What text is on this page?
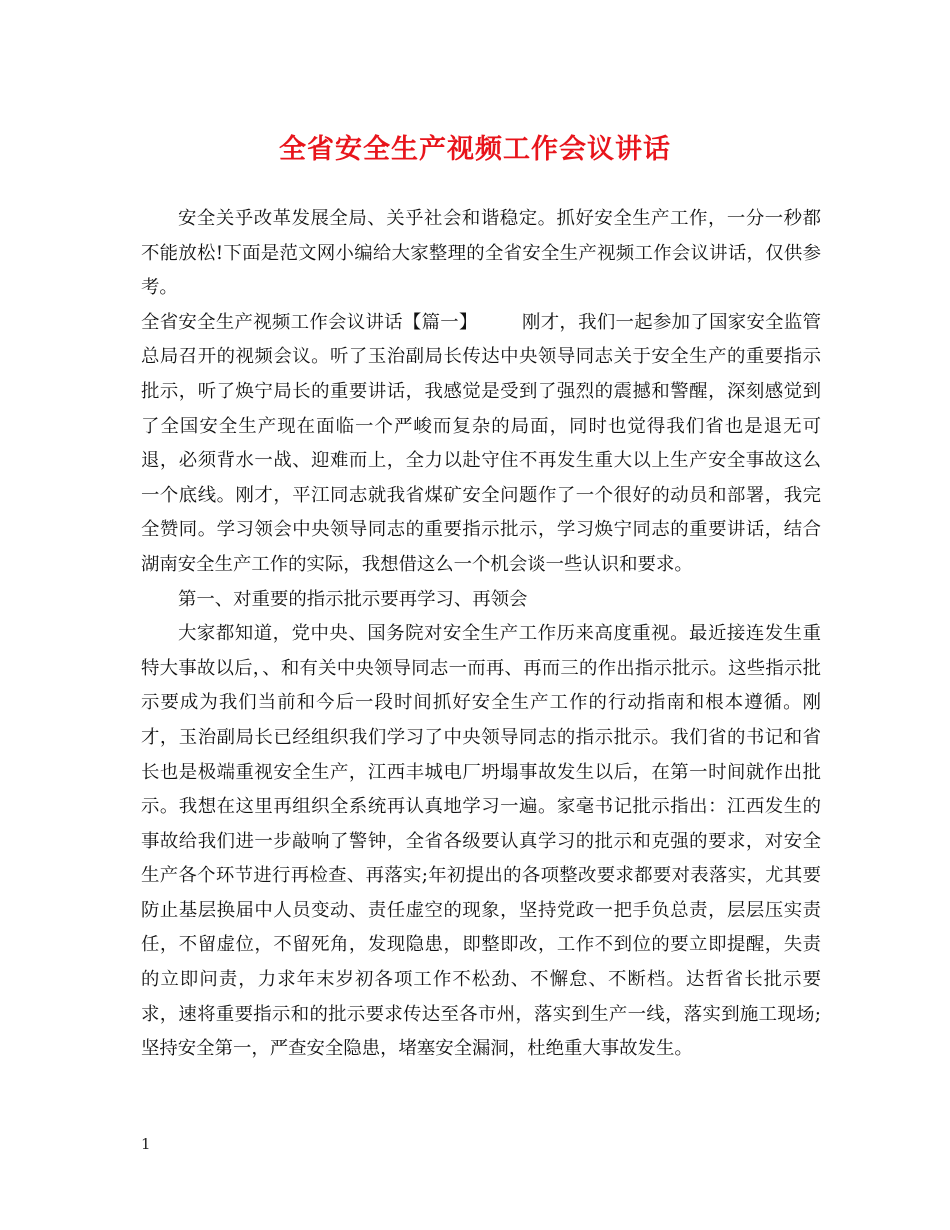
全省安全生产视频工作会议讲话

安全关乎改革发展全局、关乎社会和谐稳定。抓好安全生产工作，一分一秒都不能放松!下面是范文网小编给大家整理的全省安全生产视频工作会议讲话，仅供参考。

全省安全生产视频工作会议讲话【篇一】 刚才，我们一起参加了国家安全监管总局召开的视频会议。听了玉治副局长传达中央领导同志关于安全生产的重要指示批示，听了焕宁局长的重要讲话，我感觉是受到了强烈的震撼和警醒，深刻感觉到了全国安全生产现在面临一个严峻而复杂的局面，同时也觉得我们省也是退无可退，必须背水一战、迎难而上，全力以赴守住不再发生重大以上生产安全事故这么一个底线。刚才，平江同志就我省煤矿安全问题作了一个很好的动员和部署，我完全赞同。学习领会中央领导同志的重要指示批示，学习焕宁同志的重要讲话，结合湖南安全生产工作的实际，我想借这么一个机会谈一些认识和要求。

第一、对重要的指示批示要再学习、再领会

大家都知道，党中央、国务院对安全生产工作历来高度重视。最近接连发生重特大事故以后，、和有关中央领导同志一而再、再而三的作出指示批示。这些指示批示要成为我们当前和今后一段时间抓好安全生产工作的行动指南和根本遵循。刚才，玉治副局长已经组织我们学习了中央领导同志的指示批示。我们省的书记和省长也是极端重视安全生产，江西丰城电厂坍塌事故发生以后，在第一时间就作出批示。我想在这里再组织全系统再认真地学习一遍。家毫书记批示指出：江西发生的事故给我们进一步敲响了警钟，全省各级要认真学习的批示和克强的要求，对安全生产各个环节进行再检查、再落实;年初提出的各项整改要求都要对表落实，尤其要防止基层换届中人员变动、责任虚空的现象，坚持党政一把手负总责，层层压实责任，不留虚位，不留死角，发现隐患，即整即改，工作不到位的要立即提醒，失责的立即问责，力求年末岁初各项工作不松劲、不懈怠、不断档。达哲省长批示要求，速将重要指示和的批示要求传达至各市州，落实到生产一线，落实到施工现场;坚持安全第一，严查安全隐患，堵塞安全漏洞，杜绝重大事故发生。

1
